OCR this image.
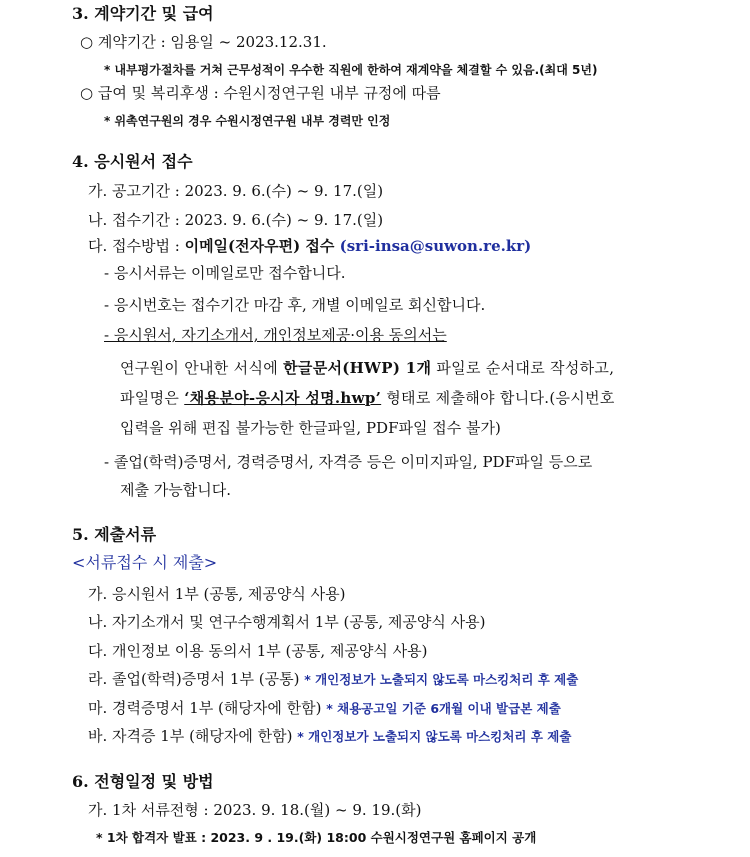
3. 계약기간 및 급여
○ 계약기간 : 임용일 ~ 2023.12.31.
* 내부평가절차를 거쳐 근무성적이 우수한 직원에 한하여 재계약을 체결할 수 있음.(최대 5년)
○ 급여 및 복리후생 : 수원시정연구원 내부 규정에 따름
* 위촉연구원의 경우 수원시정연구원 내부 경력만 인정
4. 응시원서 접수
가. 공고기간 : 2023. 9. 6.(수) ~ 9. 17.(일)
나. 접수기간 : 2023. 9. 6.(수) ~ 9. 17.(일)
다. 접수방법 : 이메일(전자우편) 접수 (sri-insa@suwon.re.kr)
- 응시서류는 이메일로만 접수합니다.
- 응시번호는 접수기간 마감 후, 개별 이메일로 회신합니다.
- 응시원서, 자기소개서, 개인정보제공·이용 동의서는
연구원이 안내한 서식에 한글문서(HWP) 1개 파일로 순서대로 작성하고,
파일명은 ‘채용분야-응시자 성명.hwp’ 형태로 제출해야 합니다.(응시번호
입력을 위해 편집 불가능한 한글파일, PDF파일 접수 불가)
- 졸업(학력)증명서, 경력증명서, 자격증 등은 이미지파일, PDF파일 등으로
제출 가능합니다.
5. 제출서류
<서류접수 시 제출>
가. 응시원서 1부 (공통, 제공양식 사용)
나. 자기소개서 및 연구수행계획서 1부 (공통, 제공양식 사용)
다. 개인정보 이용 동의서 1부 (공통, 제공양식 사용)
라. 졸업(학력)증명서 1부 (공통) * 개인정보가 노출되지 않도록 마스킹처리 후 제출
마. 경력증명서 1부 (해당자에 한함) * 채용공고일 기준 6개월 이내 발급본 제출
바. 자격증 1부 (해당자에 한함) * 개인정보가 노출되지 않도록 마스킹처리 후 제출
6. 전형일정 및 방법
가. 1차 서류전형 : 2023. 9. 18.(월) ~ 9. 19.(화)
* 1차 합격자 발표 : 2023. 9 . 19.(화) 18:00 수원시정연구원 홈페이지 공개
